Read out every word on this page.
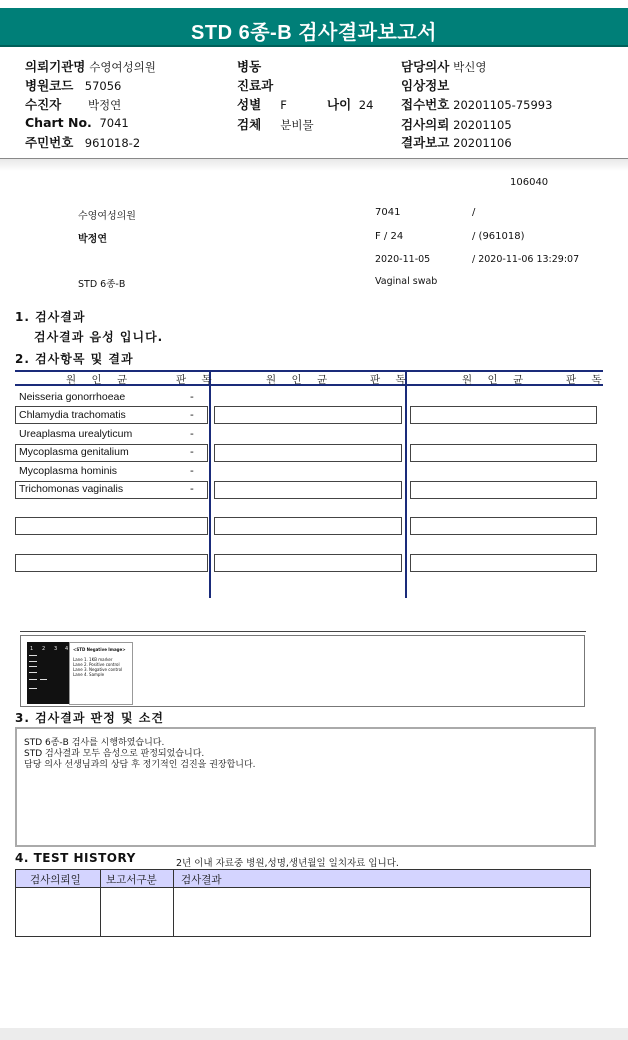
STD 6종-B 검사결과보고서
의뢰기관명 수영여성의원	병동	담당의사 박신영
병원코드 57056	진료과	임상정보
수진자 박정연	성별 F	나이 24 접수번호 20201105-75993
Chart No. 7041	검체 분비물	검사의뢰 20201105
주민번호 961018-2	결과보고 20201106
106040
수영여성의원	7041	/
박정연	F / 24	/ (961018)
2020-11-05	/ 2020-11-06 13:29:07
STD 6종-B	Vaginal swab
1. 검사결과
검사결과 음성 입니다.
2. 검사항목 및 결과
원 인 균	판 독	원 인 균	판 독	원 인 균	판 독
Neisseria gonorrhoeae	-
Chlamydia trachomatis	-
Ureaplasma urealyticum	-
Mycoplasma genitalium	-
Mycoplasma hominis	-
Trichomonas vaginalis	-
1 2 3 4 <STD Negative Image>
Lane 1. 1KB marker
Lane 2. Positive control
Lane 3. Negative control
Lane 4. Sample
3. 검사결과 판정 및 소견
STD 6종-B 검사를 시행하였습니다.
STD 검사결과 모두 음성으로 판정되었습니다.
담당 의사 선생님과의 상담 후 정기적인 검진을 권장합니다.
4. TEST HISTORY	2년 이내 자료중 병원,성명,생년월일 일치자료 입니다.
검사의뢰일 보고서구분 검사결과
